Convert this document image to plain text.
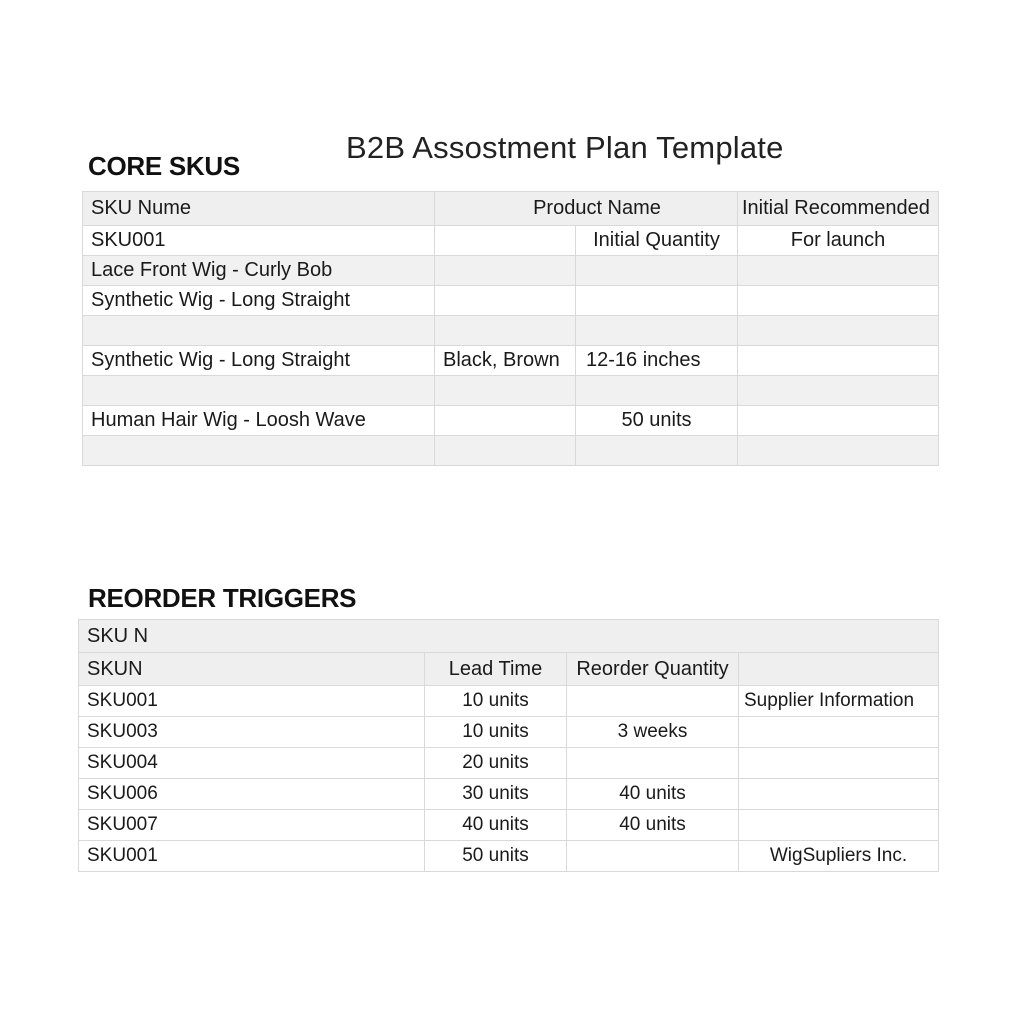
B2B Assostment Plan Template
CORE SKUS
SKU Nume	Product Name		Initial Recommended
SKU001		Initial Quantity	For launch
Lace Front Wig - Curly Bob			
Synthetic Wig - Long Straight			

Synthetic Wig - Long Straight	Black, Brown	12-16 inches	

Human Hair Wig - Loosh Wave		50 units	

REORDER TRIGGERS
SKU N			
SKUN	Lead Time	Reorder Quantity	
SKU001	10 units		Supplier Information
SKU003	10 units	3 weeks	
SKU004	20 units		
SKU006	30 units	40 units	
SKU007	40 units	40 units	
SKU001	50 units		WigSupliers Inc.
